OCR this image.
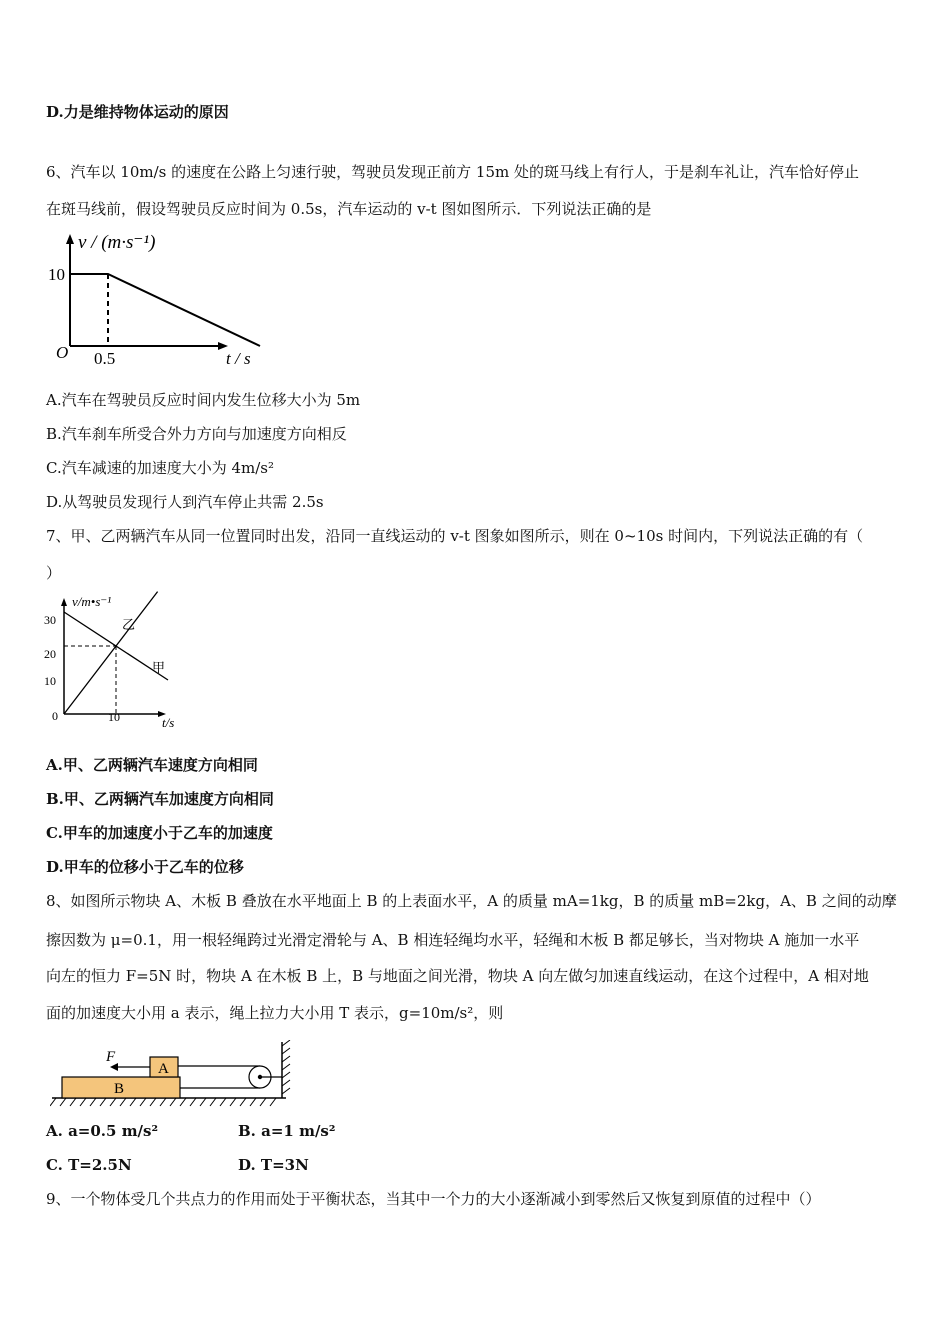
D.力是维持物体运动的原因
6、汽车以 10m/s 的速度在公路上匀速行驶，驾驶员发现正前方 15m 处的斑马线上有行人，于是刹车礼让，汽车恰好停止
在斑马线前，假设驾驶员反应时间为 0.5s，汽车运动的 v-t 图如图所示．下列说法正确的是
v / (m·s⁻¹)
10
O 0.5	t / s
A.汽车在驾驶员反应时间内发生位移大小为 5m
B.汽车刹车所受合外力方向与加速度方向相反
C.汽车减速的加速度大小为 4m/s²
D.从驾驶员发现行人到汽车停止共需 2.5s
7、甲、乙两辆汽车从同一位置同时出发，沿同一直线运动的 v-t 图象如图所示，则在 0~10s 时间内，下列说法正确的有（
）
v/m•s⁻¹
30
20
10
0	10	t/s
乙
甲
A.甲、乙两辆汽车速度方向相同
B.甲、乙两辆汽车加速度方向相同
C.甲车的加速度小于乙车的加速度
D.甲车的位移小于乙车的位移
8、如图所示物块 A、木板 B 叠放在水平地面上 B 的上表面水平，A 的质量 mA=1kg，B 的质量 mB=2kg，A、B 之间的动摩
擦因数为 μ=0.1，用一根轻绳跨过光滑定滑轮与 A、B 相连轻绳均水平，轻绳和木板 B 都足够长，当对物块 A 施加一水平
向左的恒力 F=5N 时，物块 A 在木板 B 上，B 与地面之间光滑，物块 A 向左做匀加速直线运动，在这个过程中，A 相对地
面的加速度大小用 a 表示，绳上拉力大小用 T 表示，g=10m/s²，则
A
B
F
A. a=0.5 m/s²	B. a=1 m/s²
C. T=2.5N	D. T=3N
9、一个物体受几个共点力的作用而处于平衡状态，当其中一个力的大小逐渐减小到零然后又恢复到原值的过程中（）
